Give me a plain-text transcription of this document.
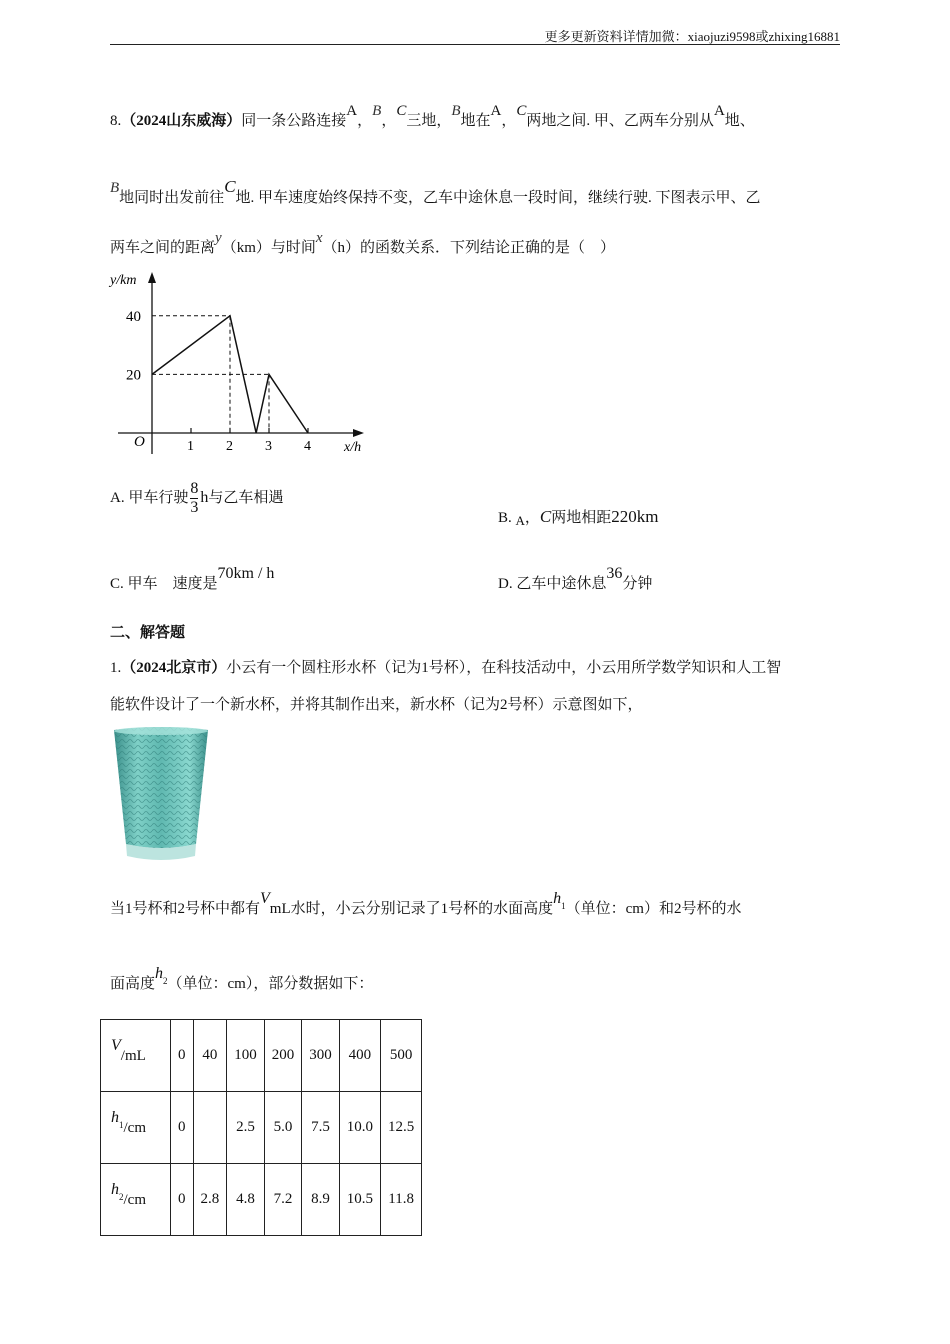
更多更新资料详情加微：xiaojuzi9598或zhixing16881
8.（2024山东威海）同一条公路连接A，B，C三地，B地在A，C两地之间. 甲、乙两车分别从A地、
B地同时出发前往C地. 甲车速度始终保持不变，乙车中途休息一段时间，继续行驶. 下图表示甲、乙
两车之间的距离y（km）与时间x（h）的函数关系．下列结论正确的是（　）
y/km
x/h
O	1 2 3 4
20
40
A. 甲车行驶 $\frac{8}{3}$ h与乙车相遇
B. A，C两地相距220km
C. 甲车　速度是70km / h
D. 乙车中途休息36分钟
二、解答题
1.（2024北京市）小云有一个圆柱形水杯（记为1号杯），在科技活动中，小云用所学数学知识和人工智
能软件设计了一个新水杯，并将其制作出来，新水杯（记为2号杯）示意图如下，
当1号杯和2号杯中都有VmL水时，小云分别记录了1号杯的水面高度$h^1$（单位：cm）和2号杯的水
面高度$h^2$（单位：cm），部分数据如下：
V/mL	0	40	100	200	300	400	500
$h^1/cm$	0		2.5	5.0	7.5	10.0	12.5
$h^2/cm$	0	2.8	4.8	7.2	8.9	10.5	11.8
